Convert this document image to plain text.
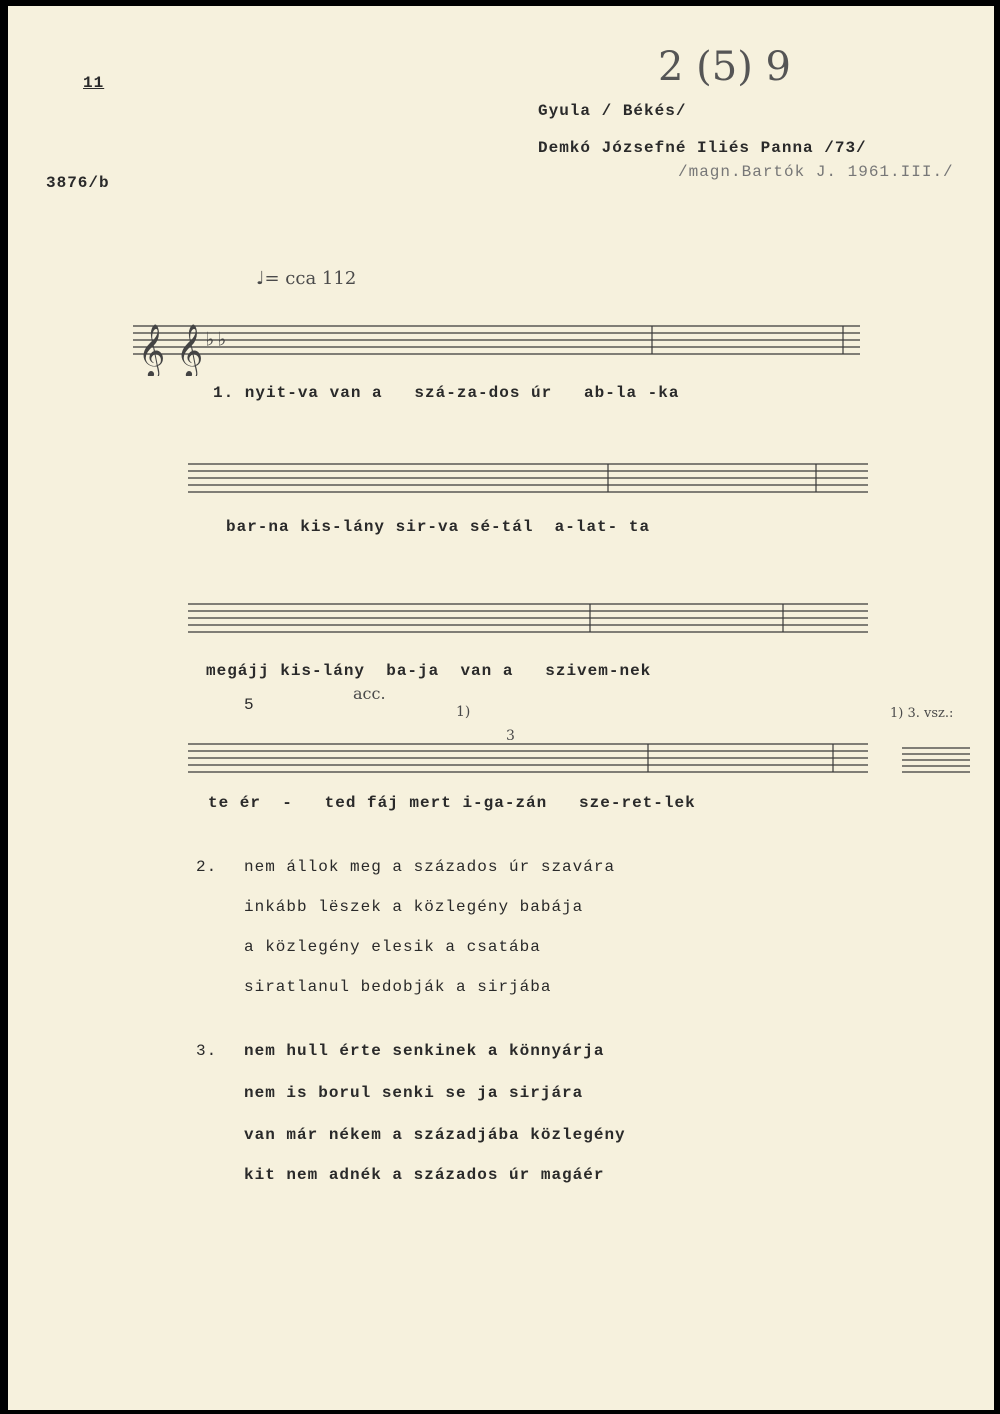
11
3876/b
2 (5) 9
Gyula / Békés/
Demkó Józsefné Iliés Panna /73/
/magn.Bartók J. 1961.III./
♩= cca 112
𝄞 𝄞 ♭♭
1. nyit-va van a   szá-za-dos úr   ab-la -ka
bar-na kis-lány sir-va sé-tál  a-lat- ta
megájj kis-lány  ba-ja  van a   szivem-nek
5
acc.
1)
3
1) 3. vsz.:
te ér  -   ted fáj mert i-ga-zán   sze-ret-lek
2. nem állok meg a százados úr szavára
inkább lëszek a közlegény babája
a közlegény elesik a csatába
siratlanul bedobják a sirjába
3. nem hull érte senkinek a könnyárja
nem is borul senki se ja sirjára
van már nékem a századjába közlegény
kit nem adnék a százados úr magáér
